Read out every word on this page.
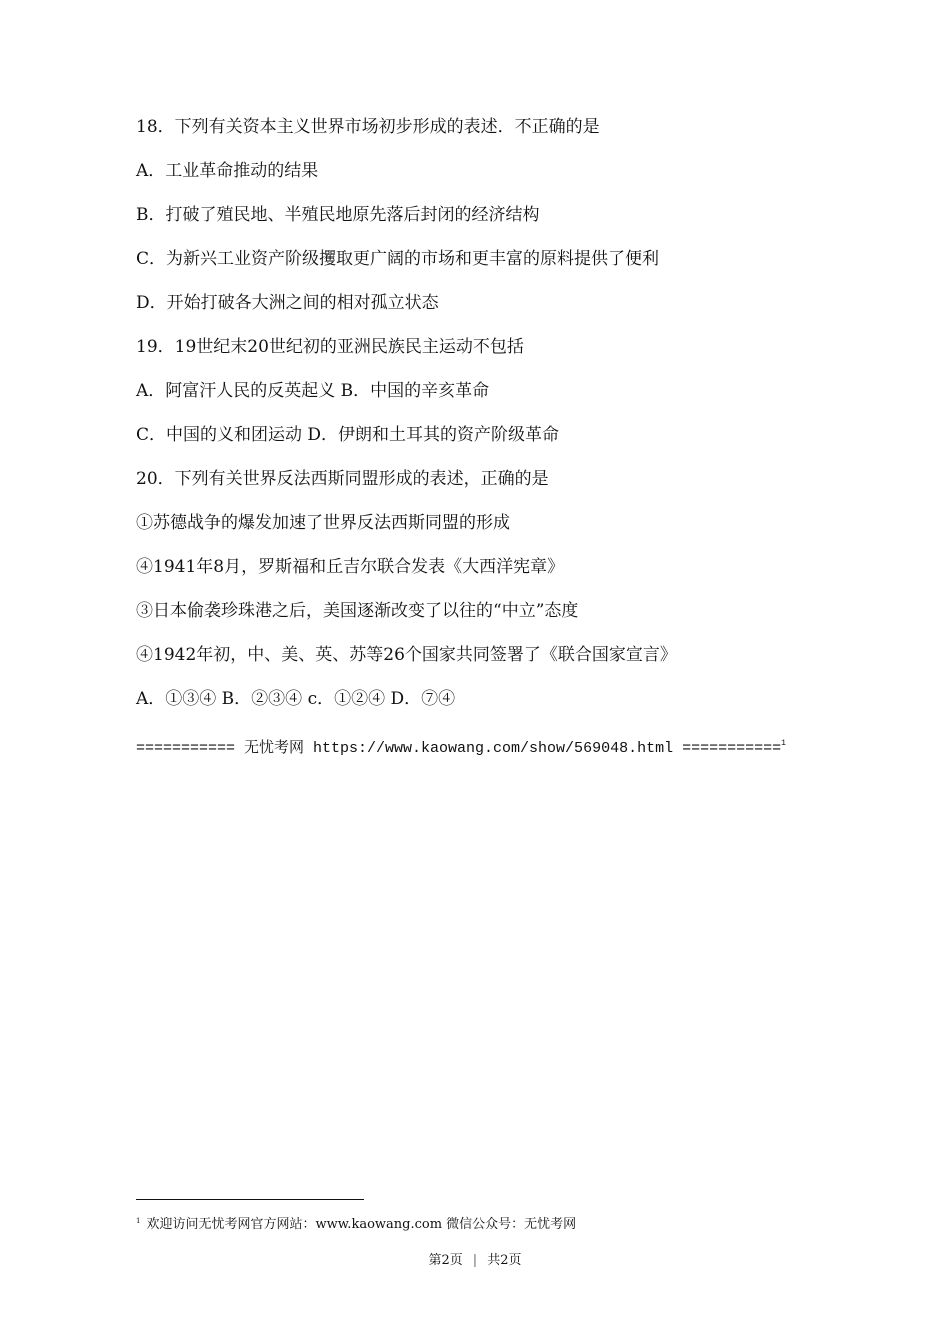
18．下列有关资本主义世界市场初步形成的表述．不正确的是
A．工业革命推动的结果
B．打破了殖民地、半殖民地原先落后封闭的经济结构
C．为新兴工业资产阶级攫取更广阔的市场和更丰富的原料提供了便利
D．开始打破各大洲之间的相对孤立状态
19．19世纪末20世纪初的亚洲民族民主运动不包括
A．阿富汗人民的反英起义 B．中国的辛亥革命
C．中国的义和团运动 D．伊朗和土耳其的资产阶级革命
20．下列有关世界反法西斯同盟形成的表述，正确的是
①苏德战争的爆发加速了世界反法西斯同盟的形成
④1941年8月，罗斯福和丘吉尔联合发表《大西洋宪章》
③日本偷袭珍珠港之后，美国逐渐改变了以往的“中立”态度
④1942年初，中、美、英、苏等26个国家共同签署了《联合国家宣言》
A．①③④ B．②③④ c．①②④ D．⑦④
=========== 无忧考网 https://www.kaowang.com/show/569048.html ===========$^1$
$^1$ 欢迎访问无忧考网官方网站：www.kaowang.com 微信公众号：无忧考网
第2页 | 共2页
